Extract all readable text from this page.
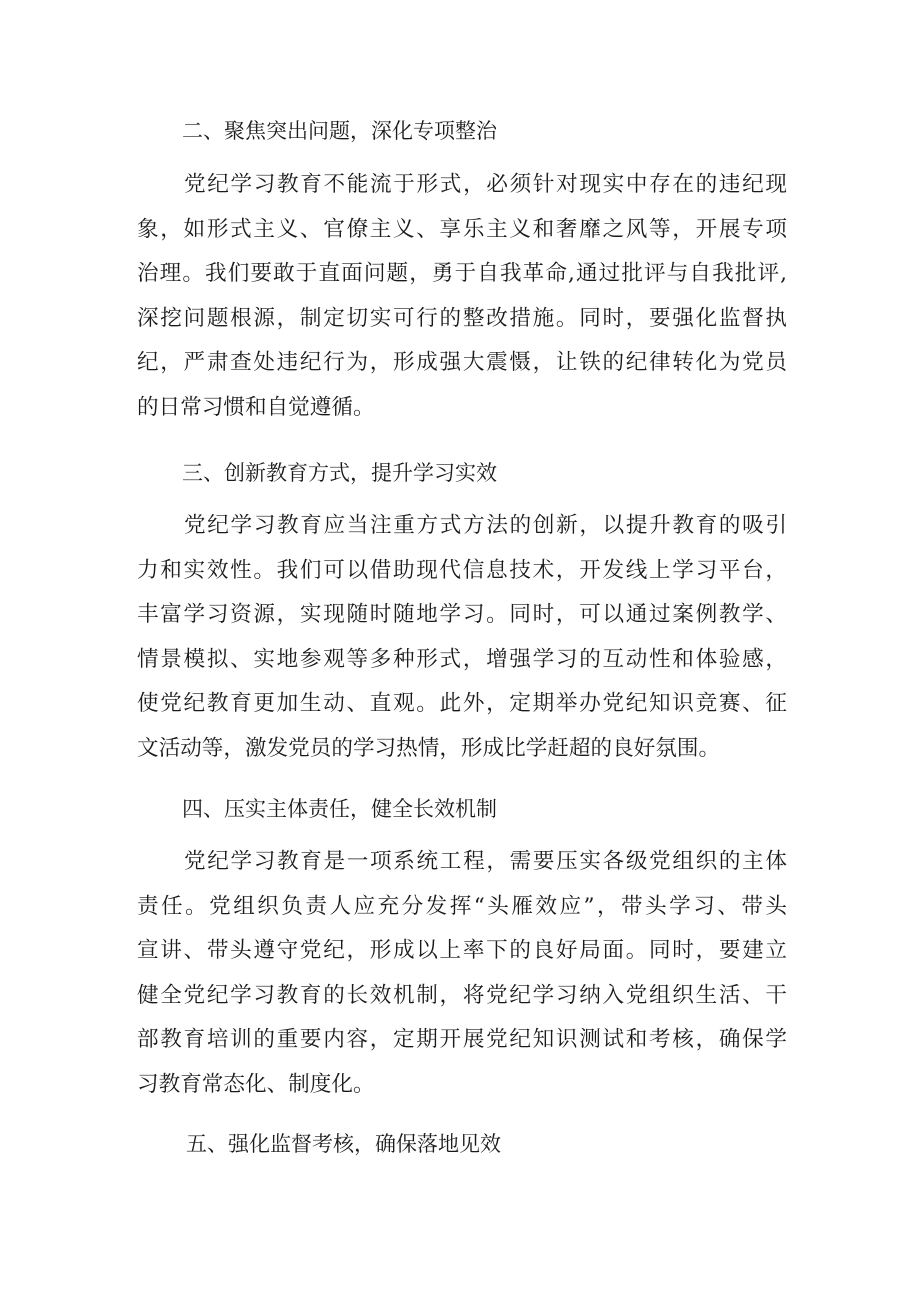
二、聚焦突出问题，深化专项整治
党纪学习教育不能流于形式，必须针对现实中存在的违纪现
象，如形式主义、官僚主义、享乐主义和奢靡之风等，开展专项
治理。我们要敢于直面问题，勇于自我革命,通过批评与自我批评,
深挖问题根源，制定切实可行的整改措施。同时，要强化监督执
纪，严肃查处违纪行为，形成强大震慑，让铁的纪律转化为党员
的日常习惯和自觉遵循。
三、创新教育方式，提升学习实效
党纪学习教育应当注重方式方法的创新，以提升教育的吸引
力和实效性。我们可以借助现代信息技术，开发线上学习平台，
丰富学习资源，实现随时随地学习。同时，可以通过案例教学、
情景模拟、实地参观等多种形式，增强学习的互动性和体验感，
使党纪教育更加生动、直观。此外，定期举办党纪知识竞赛、征
文活动等，激发党员的学习热情，形成比学赶超的良好氛围。
四、压实主体责任，健全长效机制
党纪学习教育是一项系统工程，需要压实各级党组织的主体
责任。党组织负责人应充分发挥“头雁效应”，带头学习、带头
宣讲、带头遵守党纪，形成以上率下的良好局面。同时，要建立
健全党纪学习教育的长效机制，将党纪学习纳入党组织生活、干
部教育培训的重要内容，定期开展党纪知识测试和考核，确保学
习教育常态化、制度化。
五、强化监督考核，确保落地见效
